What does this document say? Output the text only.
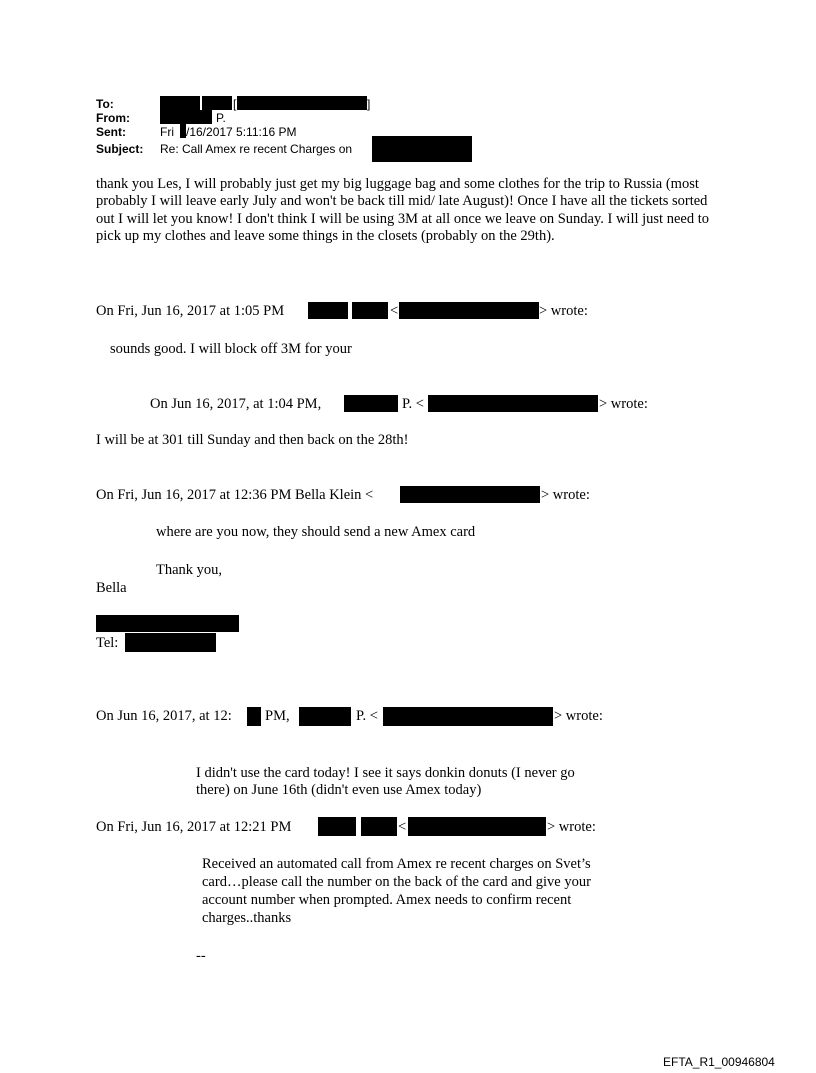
To:	[	]
From:	P.
Sent:	Fri /16/2017 5:11:16 PM
Subject: Re: Call Amex re recent Charges on
thank you Les, I will probably just get my big luggage bag and some clothes for the trip to Russia (most probably I will leave early July and won't be back till mid/ late August)! Once I have all the tickets sorted out I will let you know! I don't think I will be using 3M at all once we leave on Sunday. I will just need to pick up my clothes and leave some things in the closets (probably on the 29th).
On Fri, Jun 16, 2017 at 1:05 PM	<	> wrote:
sounds good. I will block off 3M for your
On Jun 16, 2017, at 1:04 PM,	P. <	> wrote:
I will be at 301 till Sunday and then back on the 28th!
On Fri, Jun 16, 2017 at 12:36 PM Bella Klein <	> wrote:
where are you now, they should send a new Amex card
Thank you,
Bella
Tel:
On Jun 16, 2017, at 12: PM,	P. <	> wrote:
I didn't use the card today! I see it says donkin donuts (I never go
there) on June 16th (didn't even use Amex today)
On Fri, Jun 16, 2017 at 12:21 PM	<	> wrote:
Received an automated call from Amex re recent charges on Svet’s
card…please call the number on the back of the card and give your
account number when prompted. Amex needs to confirm recent
charges..thanks
--
EFTA_R1_00946804
